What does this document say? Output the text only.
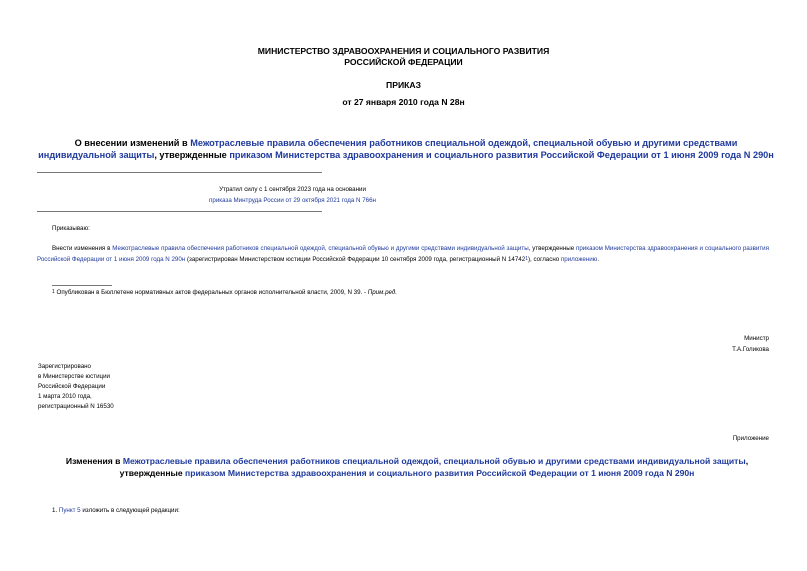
МИНИСТЕРСТВО ЗДРАВООХРАНЕНИЯ И СОЦИАЛЬНОГО РАЗВИТИЯ
РОССИЙСКОЙ ФЕДЕРАЦИИ
ПРИКАЗ
от 27 января 2010 года N 28н
О внесении изменений в Межотраслевые правила обеспечения работников специальной одеждой, специальной обувью и другими средствами индивидуальной защиты, утвержденные приказом Министерства здравоохранения и социального развития Российской Федерации от 1 июня 2009 года N 290н
Утратил силу с 1 сентября 2023 года на основании
приказа Минтруда России от 29 октября 2021 года N 766н
Приказываю:
Внести изменения в Межотраслевые правила обеспечения работников специальной одеждой, специальной обувью и другими средствами индивидуальной защиты, утвержденные приказом Министерства здравоохранения и социального развития Российской Федерации от 1 июня 2009 года N 290н (зарегистрирован Министерством юстиции Российской Федерации 10 сентября 2009 года, регистрационный N 14742$^1$), согласно приложению.
$^1$ Опубликован в Бюллетене нормативных актов федеральных органов исполнительной власти, 2009, N 39. - Прим.ред.
Министр
Т.А.Голикова
Зарегистрировано
в Министерстве юстиции
Российской Федерации
1 марта 2010 года,
регистрационный N 16530
Приложение
Изменения в Межотраслевые правила обеспечения работников специальной одеждой, специальной обувью и другими средствами индивидуальной защиты, утвержденные приказом Министерства здравоохранения и социального развития Российской Федерации от 1 июня 2009 года N 290н
1. Пункт 5 изложить в следующей редакции:
